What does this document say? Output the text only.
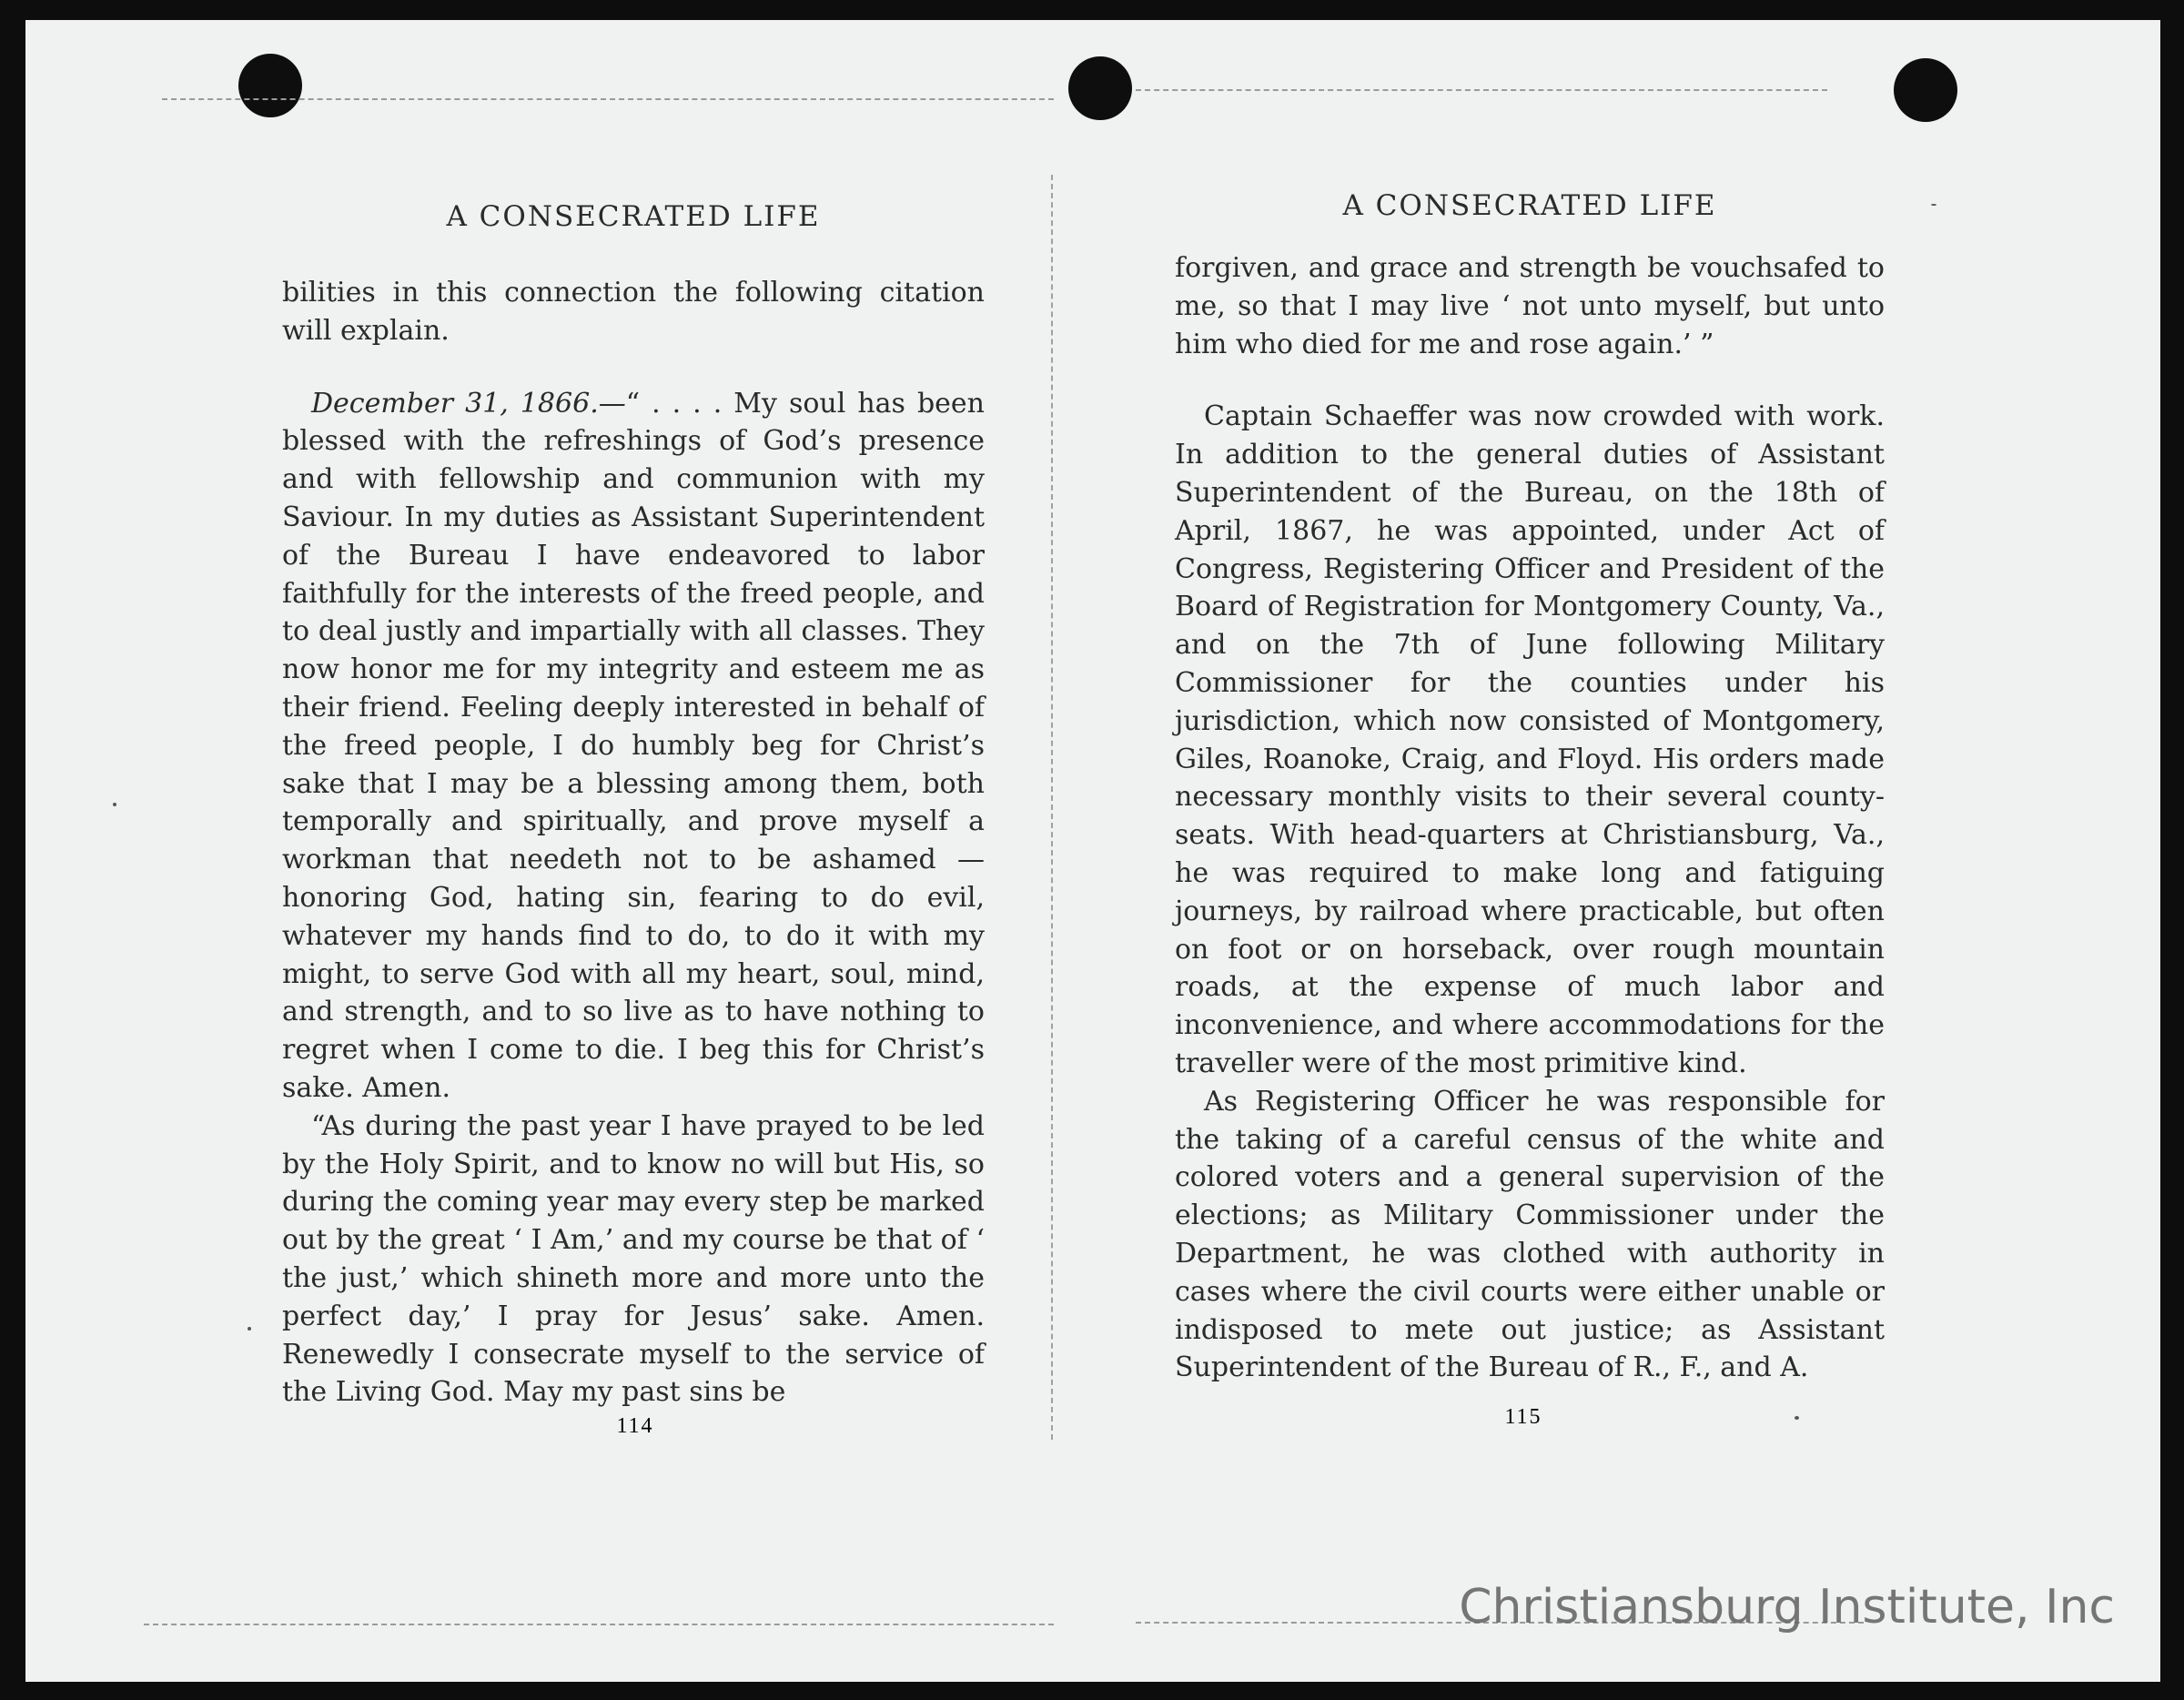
A CONSECRATED LIFE

bilities in this connection the following citation will explain.

December 31, 1866.—“ . . . . My soul has been blessed with the refreshings of God’s presence and with fellowship and communion with my Saviour. In my duties as Assistant Superintendent of the Bureau I have endeavored to labor faithfully for the interests of the freed people, and to deal justly and impartially with all classes. They now honor me for my integrity and esteem me as their friend. Feeling deeply interested in behalf of the freed people, I do humbly beg for Christ’s sake that I may be a blessing among them, both temporally and spiritually, and prove myself a workman that needeth not to be ashamed —honoring God, hating sin, fearing to do evil, whatever my hands find to do, to do it with my might, to serve God with all my heart, soul, mind, and strength, and to so live as to have nothing to regret when I come to die. I beg this for Christ’s sake. Amen.

“As during the past year I have prayed to be led by the Holy Spirit, and to know no will but His, so during the coming year may every step be marked out by the great ‘ I Am,’ and my course be that of ‘ the just,’ which shineth more and more unto the perfect day,’ I pray for Jesus’ sake. Amen. Renewedly I consecrate myself to the service of the Living God. May my past sins be

114

A CONSECRATED LIFE

forgiven, and grace and strength be vouchsafed to me, so that I may live ‘ not unto myself, but unto him who died for me and rose again.’ ”

Captain Schaeffer was now crowded with work. In addition to the general duties of Assistant Superintendent of the Bureau, on the 18th of April, 1867, he was appointed, under Act of Congress, Registering Officer and President of the Board of Registration for Montgomery County, Va., and on the 7th of June following Military Commissioner for the counties under his jurisdiction, which now consisted of Montgomery, Giles, Roanoke, Craig, and Floyd. His orders made necessary monthly visits to their several county-seats. With head-quarters at Christiansburg, Va., he was required to make long and fatiguing journeys, by railroad where practicable, but often on foot or on horseback, over rough mountain roads, at the expense of much labor and inconvenience, and where accommodations for the traveller were of the most primitive kind.

As Registering Officer he was responsible for the taking of a careful census of the white and colored voters and a general supervision of the elections; as Military Commissioner under the Department, he was clothed with authority in cases where the civil courts were either unable or indisposed to mete out justice; as Assistant Superintendent of the Bureau of R., F., and A.

115
Christiansburg Institute, Inc
